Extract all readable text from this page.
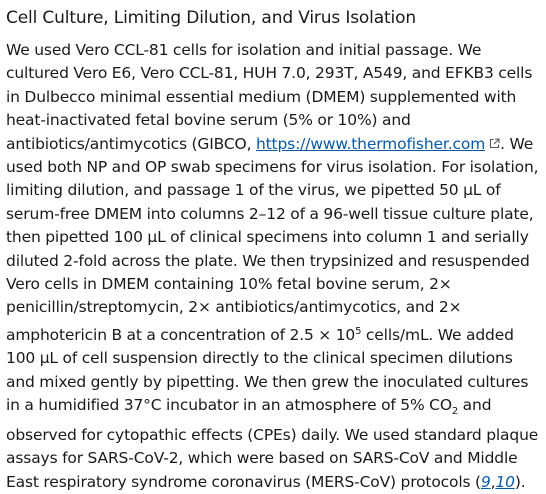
Cell Culture, Limiting Dilution, and Virus Isolation

We used Vero CCL-81 cells for isolation and initial passage. We cultured Vero E6, Vero CCL-81, HUH 7.0, 293T, A549, and EFKB3 cells in Dulbecco minimal essential medium (DMEM) supplemented with heat-inactivated fetal bovine serum (5% or 10%) and antibiotics/antimycotics (GIBCO, https://www.thermofisher.com . We used both NP and OP swab specimens for virus isolation. For isolation, limiting dilution, and passage 1 of the virus, we pipetted 50 µL of serum-free DMEM into columns 2–12 of a 96-well tissue culture plate, then pipetted 100 µL of clinical specimens into column 1 and serially diluted 2-fold across the plate. We then trypsinized and resuspended Vero cells in DMEM containing 10% fetal bovine serum, 2× penicillin/streptomycin, 2× antibiotics/antimycotics, and 2× amphotericin B at a concentration of $2.5 \times 10^5$ cells/mL. We added 100 µL of cell suspension directly to the clinical specimen dilutions and mixed gently by pipetting. We then grew the inoculated cultures in a humidified 37°C incubator in an atmosphere of 5% $CO_2$ and observed for cytopathic effects (CPEs) daily. We used standard plaque assays for SARS-CoV-2, which were based on SARS-CoV and Middle East respiratory syndrome coronavirus (MERS-CoV) protocols (9,10).
